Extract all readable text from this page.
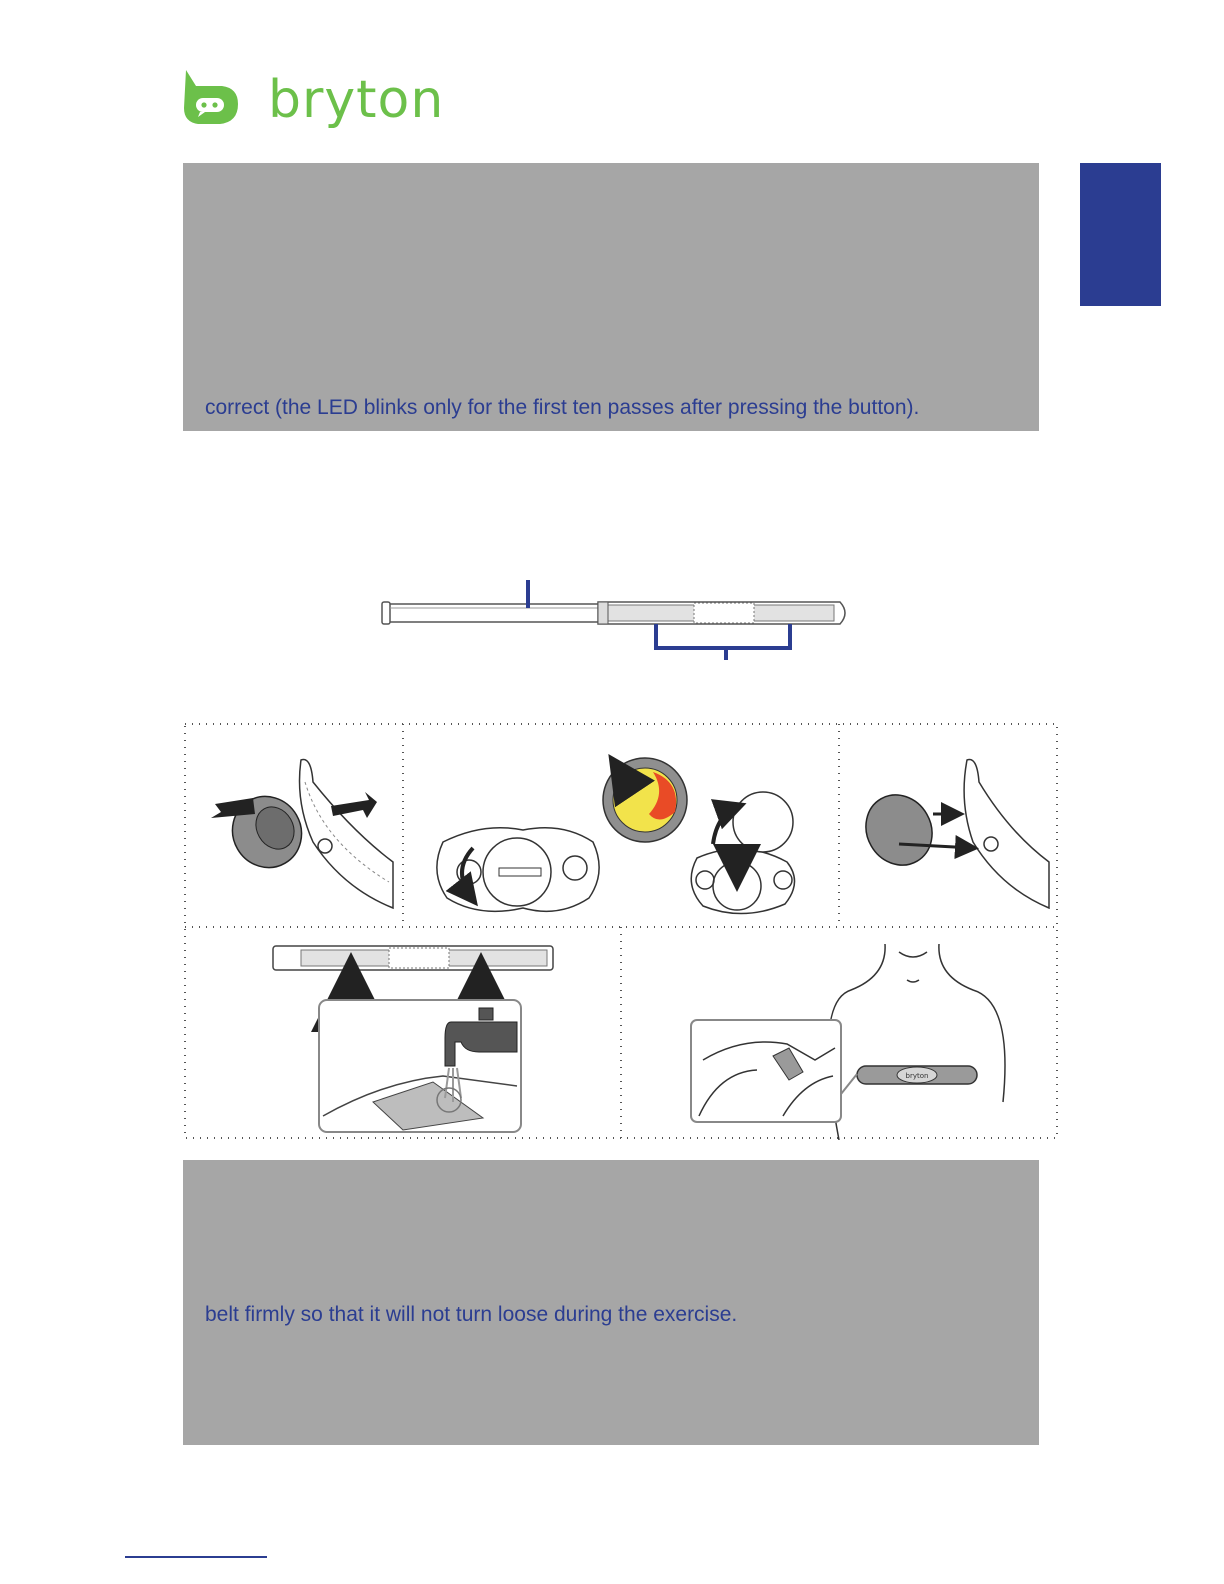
bryton
correct (the LED blinks only for the first ten passes after pressing the button).
bryton
belt firmly so that it will not turn loose during the exercise.
